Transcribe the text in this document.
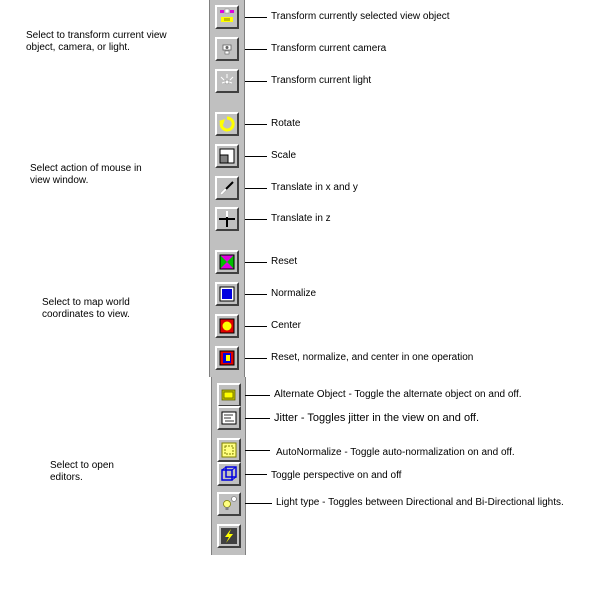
Select to transform current view object, camera, or light.
Select action of mouse in view window.
Select to map world coordinates to view.
Select to open editors.
Transform currently selected view object
Transform current camera
Transform current light
Rotate
Scale
Translate in x and y
Translate in z
Reset
Normalize
Center
Reset, normalize, and center in one operation
Alternate Object - Toggle the alternate object on and off.
Jitter - Toggles jitter in the view on and off.
AutoNormalize - Toggle auto-normalization on and off.
Toggle perspective on and off
Light type - Toggles between Directional and Bi-Directional lights.
